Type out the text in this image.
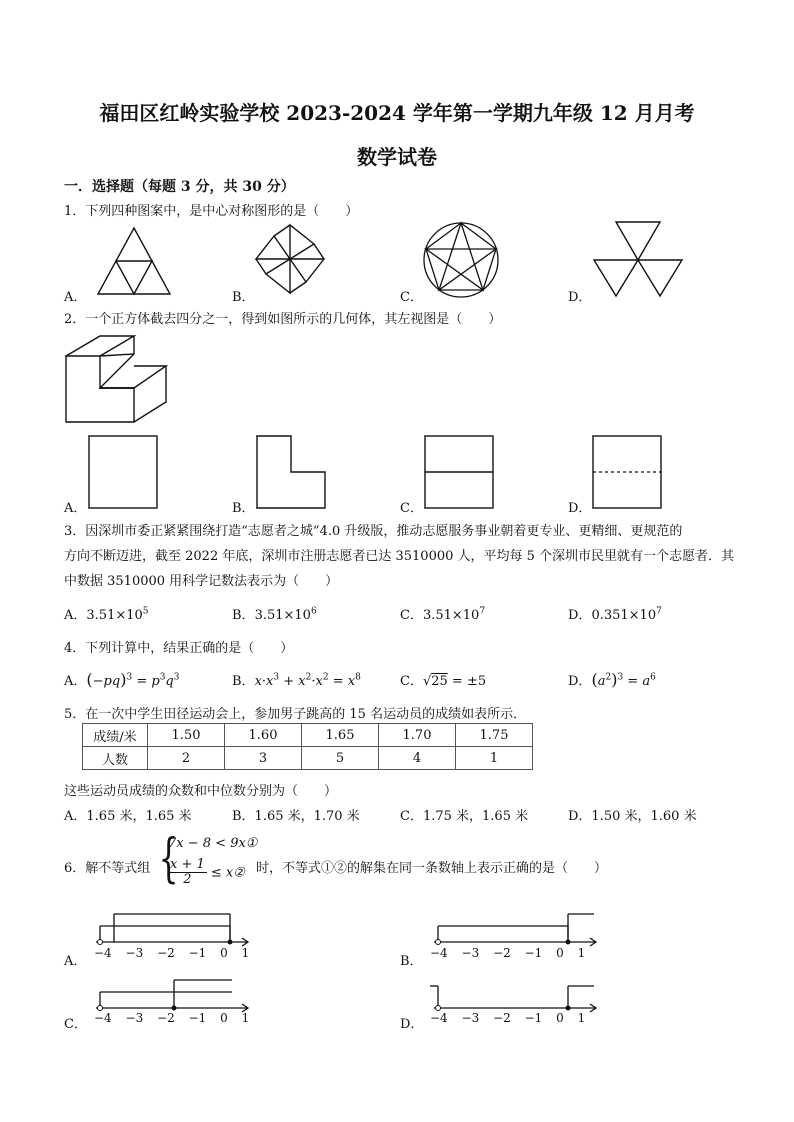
福田区红岭实验学校 2023-2024 学年第一学期九年级 12 月月考
数学试卷
一．选择题（每题 3 分，共 30 分）
1．下列四种图案中，是中心对称图形的是（　　）
A．	B．	C．	D．
2．一个正方体截去四分之一，得到如图所示的几何体，其左视图是（　　）
A．	B．	C．	D．
3．因深圳市委正紧紧围绕打造“志愿者之城”4.0 升级版，推动志愿服务事业朝着更专业、更精细、更规范的
方向不断迈进，截至 2022 年底，深圳市注册志愿者已达 3510000 人，平均每 5 个深圳市民里就有一个志愿者．其
中数据 3510000 用科学记数法表示为（　　）
A．$3.51\times 10^5$	B．$3.51\times 10^6$	C．$3.51\times 10^7$	D．$0.351\times 10^7$
4．下列计算中，结果正确的是（　　）
A．$(-pq)^3 = p^3q^3$	B．$x\cdot x^3 + x^2\cdot x^2 = x^8$	C．√25 = ±5	D．$(a^2)^3 = a^6$
5．在一次中学生田径运动会上，参加男子跳高的 15 名运动员的成绩如表所示．
成绩/米	1.50	1.60	1.65	1.70	1.75
人数	2	3	5	4	1
这些运动员成绩的众数和中位数分别为（　　）
A．1.65 米，1.65 米	B．1.65 米，1.70 米	C．1.75 米，1.65 米	D．1.50 米，1.60 米
6．解不等式组 {
7x − 8 < 9x①
$\frac{x + 1}{2}$ ≤ x② 时，不等式①②的解集在同一条数轴上表示正确的是（　　）
A．
−4 −3 −2 −1 0 1
B．
−4 −3 −2 −1 0 1
C． −4 −3 −2 −1 0 1	D． −4 −3 −2 −1 0 1
